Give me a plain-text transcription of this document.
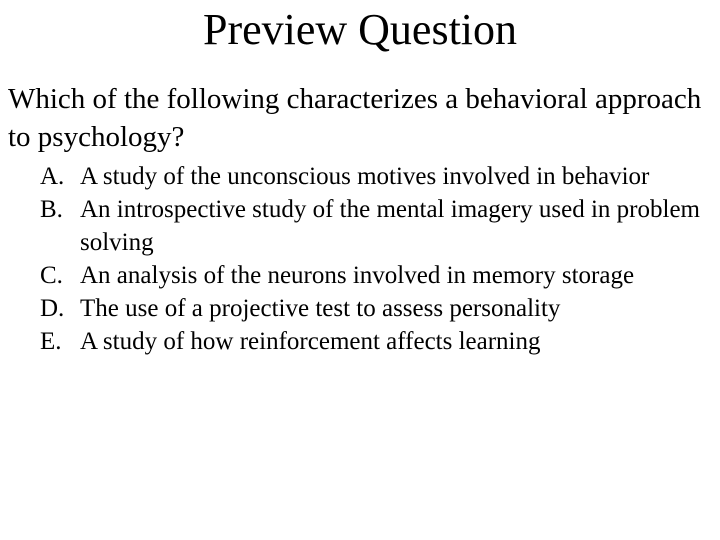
Preview Question
Which of the following characterizes a behavioral approach to psychology?
A. A study of the unconscious motives involved in behavior
B. An introspective study of the mental imagery used in problem solving
C. An analysis of the neurons involved in memory storage
D. The use of a projective test to assess personality
E. A study of how reinforcement affects learning
